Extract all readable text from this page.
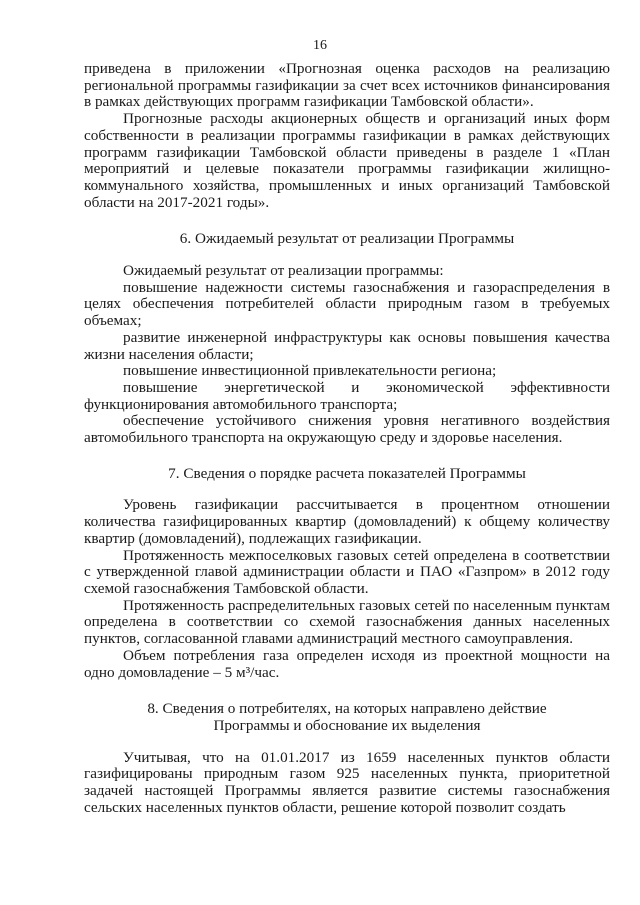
16

приведена в приложении «Прогнозная оценка расходов на реализацию региональной программы газификации за счет всех источников финансирования в рамках действующих программ газификации Тамбовской области».

Прогнозные расходы акционерных обществ и организаций иных форм собственности в реализации программы газификации в рамках действующих программ газификации Тамбовской области приведены в разделе 1 «План мероприятий и целевые показатели программы газификации жилищно-коммунального хозяйства, промышленных и иных организаций Тамбовской области на 2017-2021 годы».

6. Ожидаемый результат от реализации Программы

Ожидаемый результат от реализации программы:

повышение надежности системы газоснабжения и газораспределения в целях обеспечения потребителей области природным газом в требуемых объемах;

развитие инженерной инфраструктуры как основы повышения качества жизни населения области;

повышение инвестиционной привлекательности региона;

повышение энергетической и экономической эффективности функционирования автомобильного транспорта;

обеспечение устойчивого снижения уровня негативного воздействия автомобильного транспорта на окружающую среду и здоровье населения.

7. Сведения о порядке расчета показателей Программы

Уровень газификации рассчитывается в процентном отношении количества газифицированных квартир (домовладений) к общему количеству квартир (домовладений), подлежащих газификации.

Протяженность межпоселковых газовых сетей определена в соответствии с утвержденной главой администрации области и ПАО «Газпром» в 2012 году схемой газоснабжения Тамбовской области.

Протяженность распределительных газовых сетей по населенным пунктам определена в соответствии со схемой газоснабжения данных населенных пунктов, согласованной главами администраций местного самоуправления.

Объем потребления газа определен исходя из проектной мощности на одно домовладение – 5 м³/час.

8. Сведения о потребителях, на которых направлено действие
Программы и обоснование их выделения

Учитывая, что на 01.01.2017 из 1659 населенных пунктов области газифицированы природным газом 925 населенных пункта, приоритетной задачей настоящей Программы является развитие системы газоснабжения сельских населенных пунктов области, решение которой позволит создать
